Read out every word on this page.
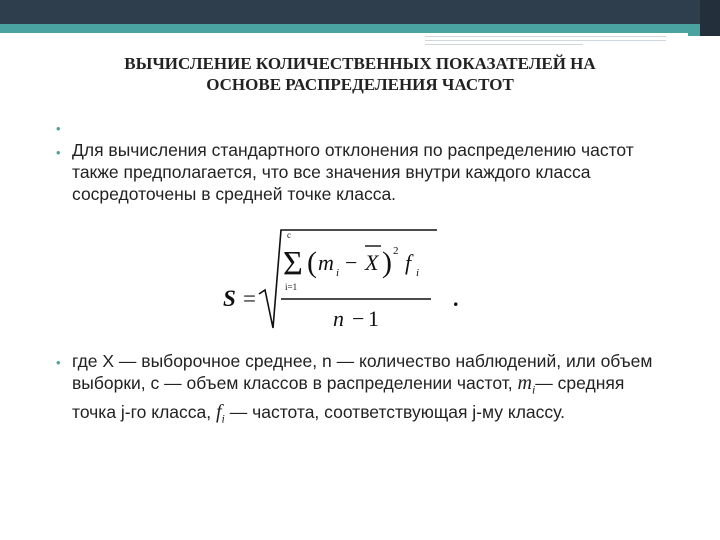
ВЫЧИСЛЕНИЕ КОЛИЧЕСТВЕННЫХ ПОКАЗАТЕЛЕЙ НА
ОСНОВЕ РАСПРЕДЕЛЕНИЯ ЧАСТОТ
•
• Для вычисления стандартного отклонения по распределению частот
также предполагается, что все значения внутри каждого класса
сосредоточены в средней точке класса.
S =
c
Σ
i=1
( m i − X ) 2 f i
n − 1
.
• где X — выборочное среднее, n — количество наблюдений, или объем
выборки, c — объем классов в распределении частот, $m_i—$ средняя
точка j-го класса, $f_i$ — частота, соответствующая j-му классу.
